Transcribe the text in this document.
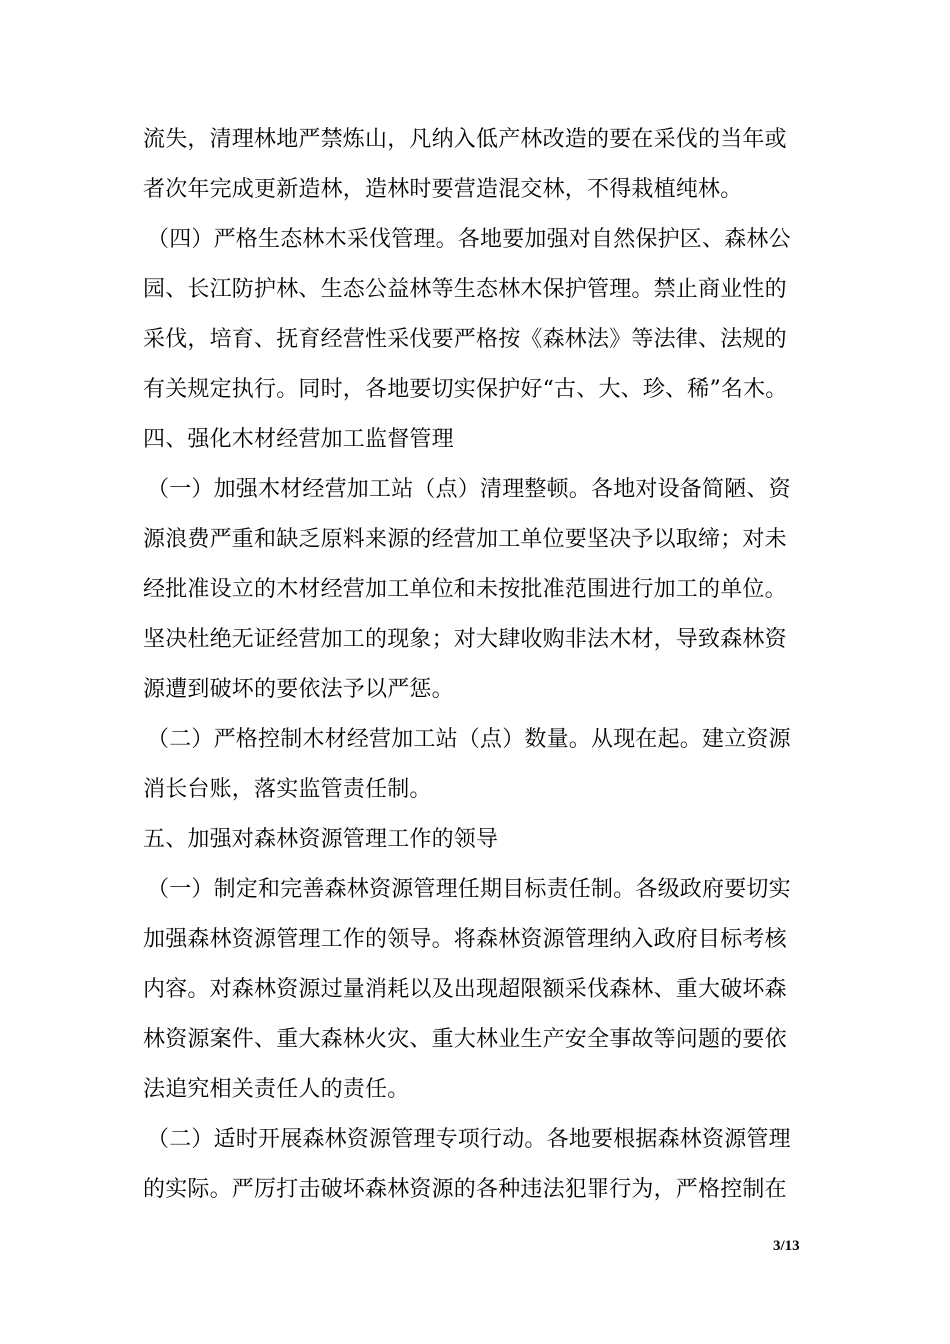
流失，清理林地严禁炼山，凡纳入低产林改造的要在采伐的当年或
者次年完成更新造林，造林时要营造混交林，不得栽植纯林。
（四）严格生态林木采伐管理。各地要加强对自然保护区、森林公
园、长江防护林、生态公益林等生态林木保护管理。禁止商业性的
采伐，培育、抚育经营性采伐要严格按《森林法》等法律、法规的
有关规定执行。同时，各地要切实保护好“古、大、珍、稀”名木。
四、强化木材经营加工监督管理
（一）加强木材经营加工站（点）清理整顿。各地对设备简陋、资
源浪费严重和缺乏原料来源的经营加工单位要坚决予以取缔；对未
经批准设立的木材经营加工单位和未按批准范围进行加工的单位。
坚决杜绝无证经营加工的现象；对大肆收购非法木材，导致森林资
源遭到破坏的要依法予以严惩。
（二）严格控制木材经营加工站（点）数量。从现在起。建立资源
消长台账，落实监管责任制。
五、加强对森林资源管理工作的领导
（一）制定和完善森林资源管理任期目标责任制。各级政府要切实
加强森林资源管理工作的领导。将森林资源管理纳入政府目标考核
内容。对森林资源过量消耗以及出现超限额采伐森林、重大破坏森
林资源案件、重大森林火灾、重大林业生产安全事故等问题的要依
法追究相关责任人的责任。
（二）适时开展森林资源管理专项行动。各地要根据森林资源管理
的实际。严厉打击破坏森林资源的各种违法犯罪行为，严格控制在
3/13
